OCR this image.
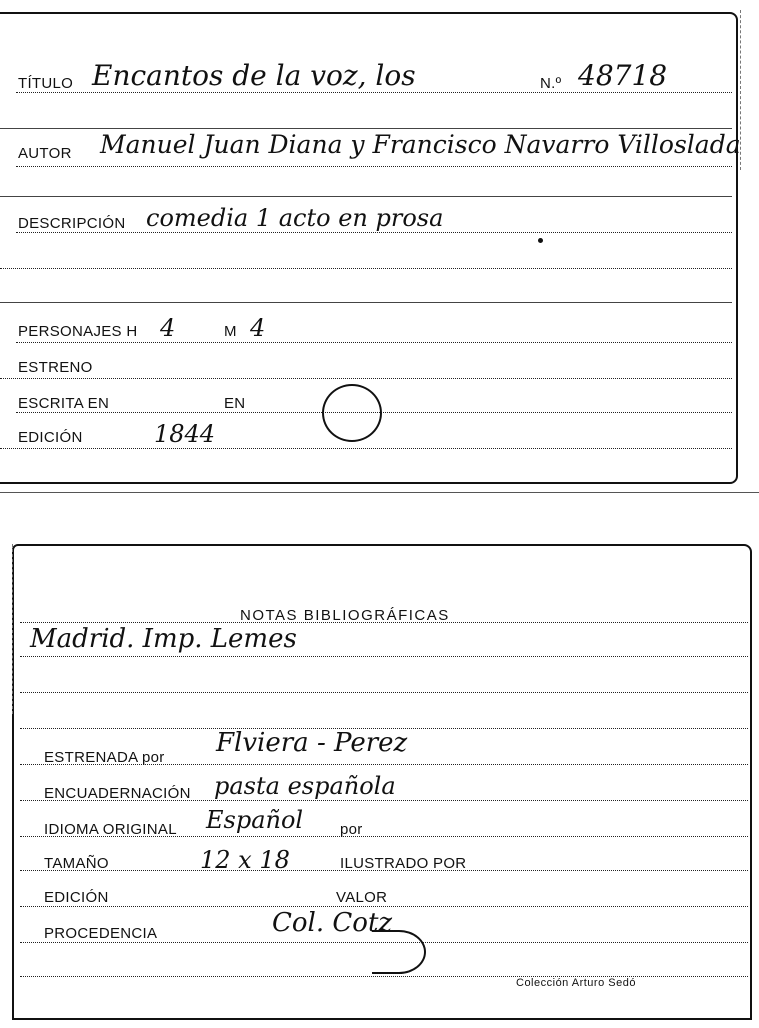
TÍTULO Encantos de la voz, los	N.º 48718
AUTOR Manuel Juan Diana y Francisco Navarro Villoslada
DESCRIPCIÓN comedia 1 acto en prosa
PERSONAJES H 4	M 4
ESTRENO
ESCRITA EN	EN
EDICIÓN	1844
NOTAS BIBLIOGRÁFICAS
Madrid. Imp. Lemes
ESTRENADA por Flviera - Perez
ENCUADERNACIÓN pasta española
IDIOMA ORIGINAL Español por
TAMAÑO	12 x 18	ILUSTRADO POR
EDICIÓN	VALOR
PROCEDENCIA	Col. Cotz
Colección Arturo Sedó
